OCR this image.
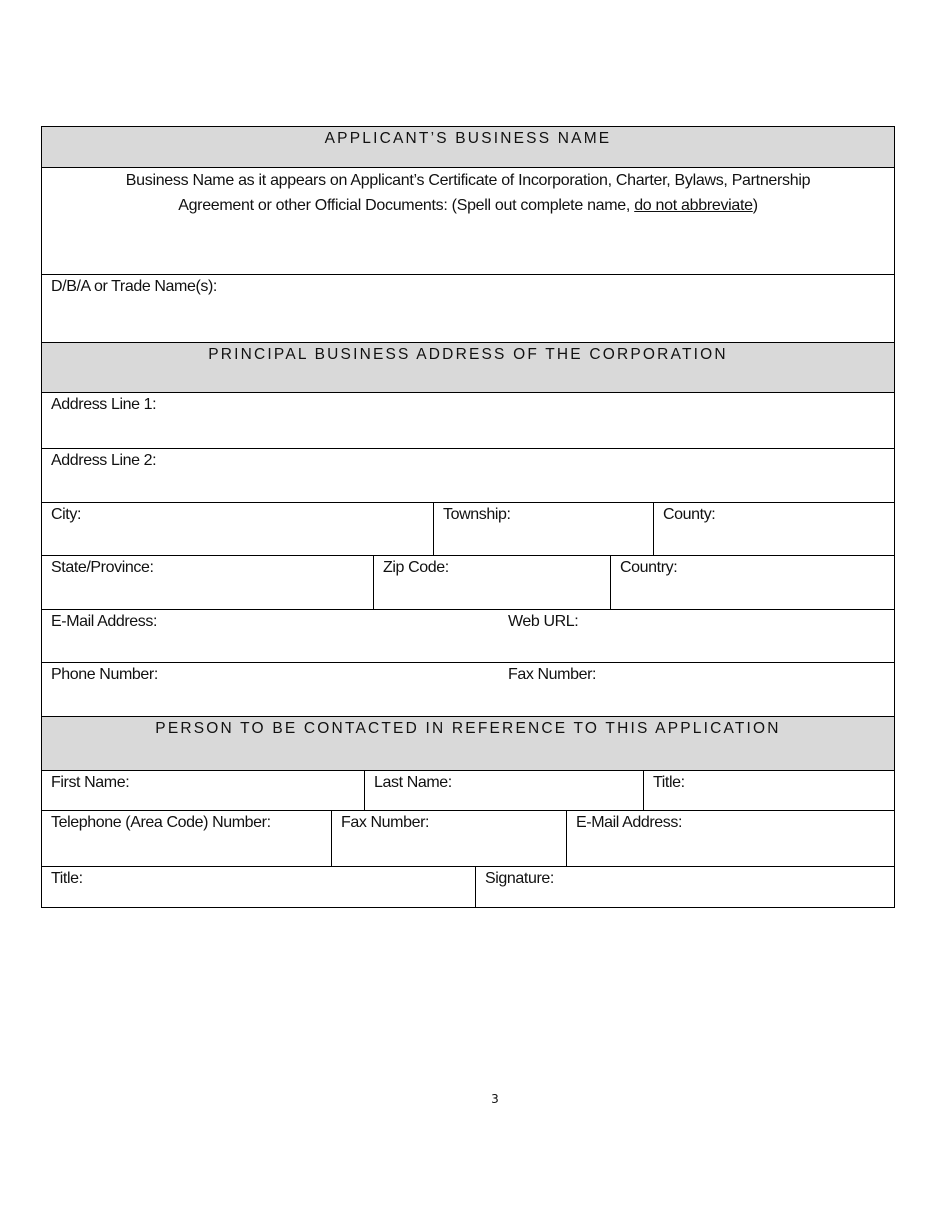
APPLICANT’S BUSINESS NAME
Business Name as it appears on Applicant’s Certificate of Incorporation, Charter, Bylaws, Partnership
Agreement or other Official Documents: (Spell out complete name, do not abbreviate)
D/B/A or Trade Name(s):
PRINCIPAL BUSINESS ADDRESS OF THE CORPORATION
Address Line 1:
Address Line 2:
City:	Township:	County:
State/Province:	Zip Code:	Country:
E-Mail Address:	Web URL:
Phone Number:	Fax Number:
PERSON TO BE CONTACTED IN REFERENCE TO THIS APPLICATION
First Name:	Last Name:	Title:
Telephone (Area Code) Number:	Fax Number:	E-Mail Address:
Title:	Signature:
3
